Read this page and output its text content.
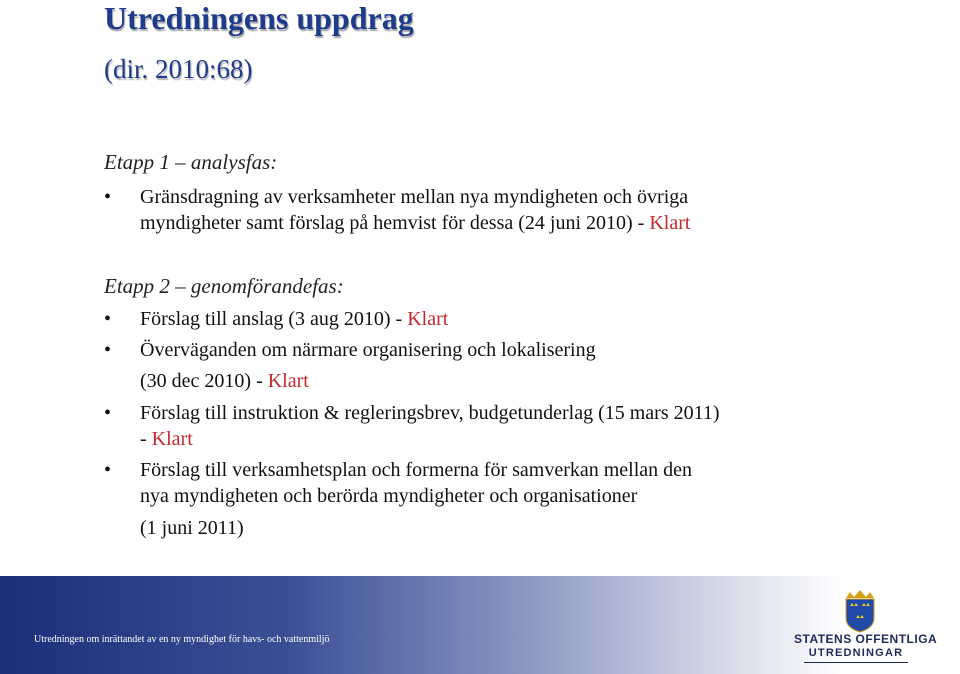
Utredningens uppdrag
(dir. 2010:68)
Etapp 1 – analysfas:
• Gränsdragning av verksamheter mellan nya myndigheten och övriga
myndigheter samt förslag på hemvist för dessa (24 juni 2010) - Klart
Etapp 2 – genomförandefas:
• Förslag till anslag (3 aug 2010) - Klart
• Överväganden om närmare organisering och lokalisering
(30 dec 2010) - Klart
• Förslag till instruktion & regleringsbrev, budgetunderlag (15 mars 2011)
- Klart
• Förslag till verksamhetsplan och formerna för samverkan mellan den
nya myndigheten och berörda myndigheter och organisationer
(1 juni 2011)
Utredningen om inrättandet av en ny myndighet för havs- och vattenmiljö	STATENS OFFENTLIGA
UTREDNINGAR
